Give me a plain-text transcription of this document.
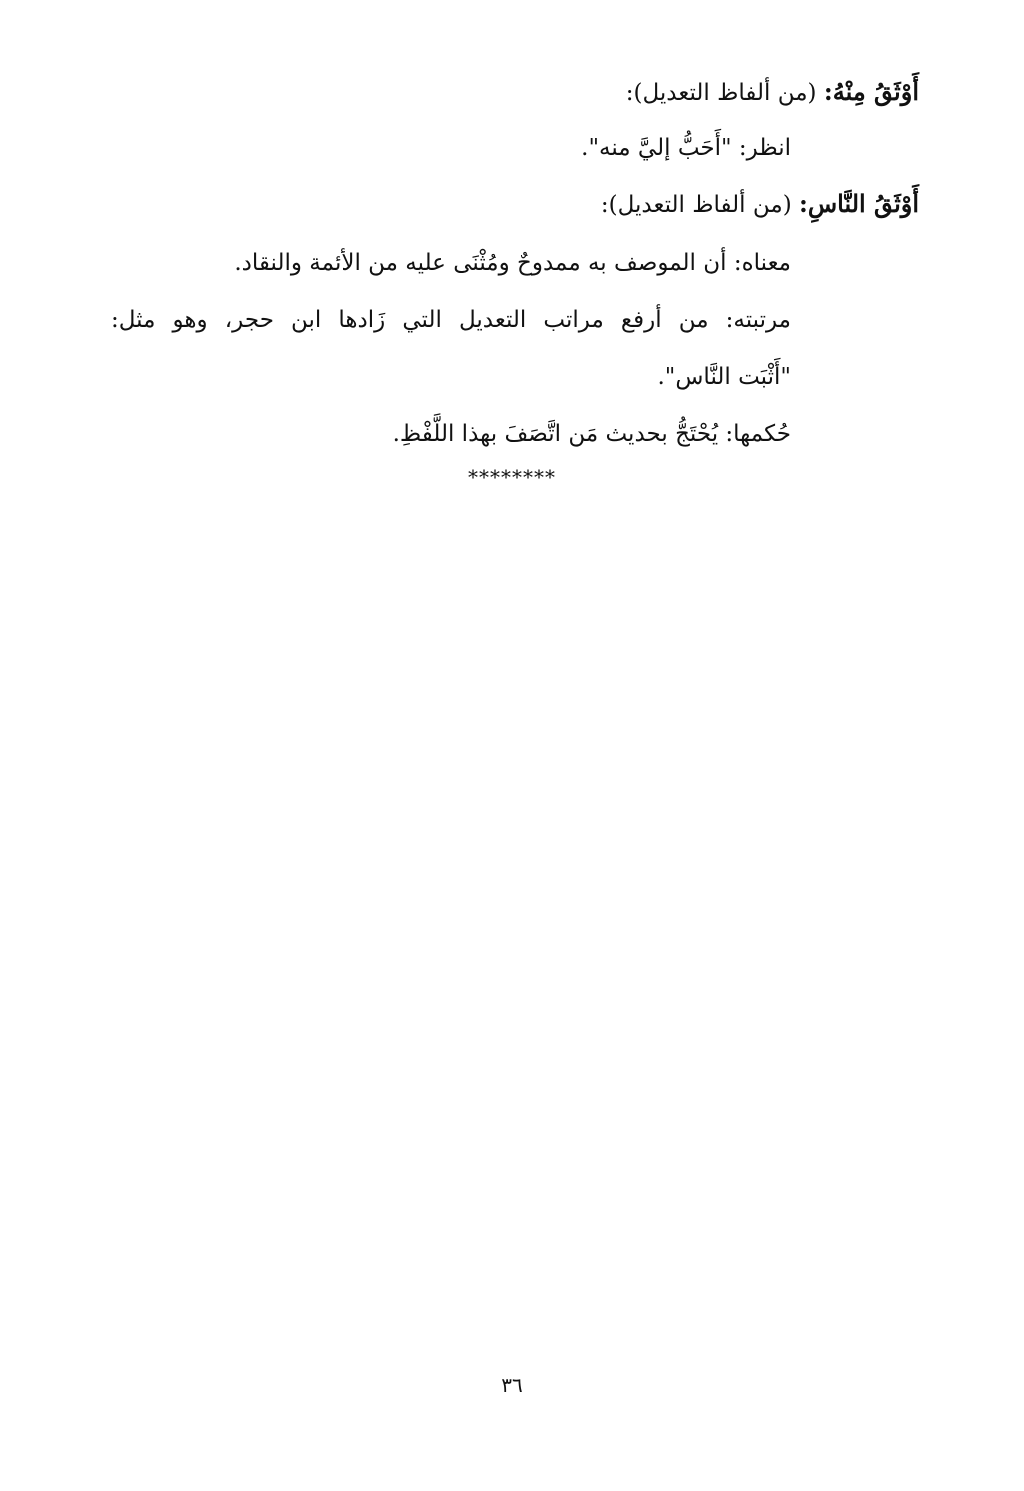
أَوْثَقُ مِنْهُ: (من ألفاظ التعديل):
انظر: "أَحَبُّ إليَّ منه".
أَوْثَقُ النَّاسِ: (من ألفاظ التعديل):
معناه: أن الموصف به ممدوحٌ ومُثْنَى عليه من الأئمة والنقاد.
مرتبته: من أرفع مراتب التعديل التي زَادها ابن حجر، وهو مثل:
"أَثْبَت النَّاس".
حُكمها: يُحْتَجُّ بحديث مَن اتَّصَفَ بهذا اللَّفْظِ.
********
٣٦
